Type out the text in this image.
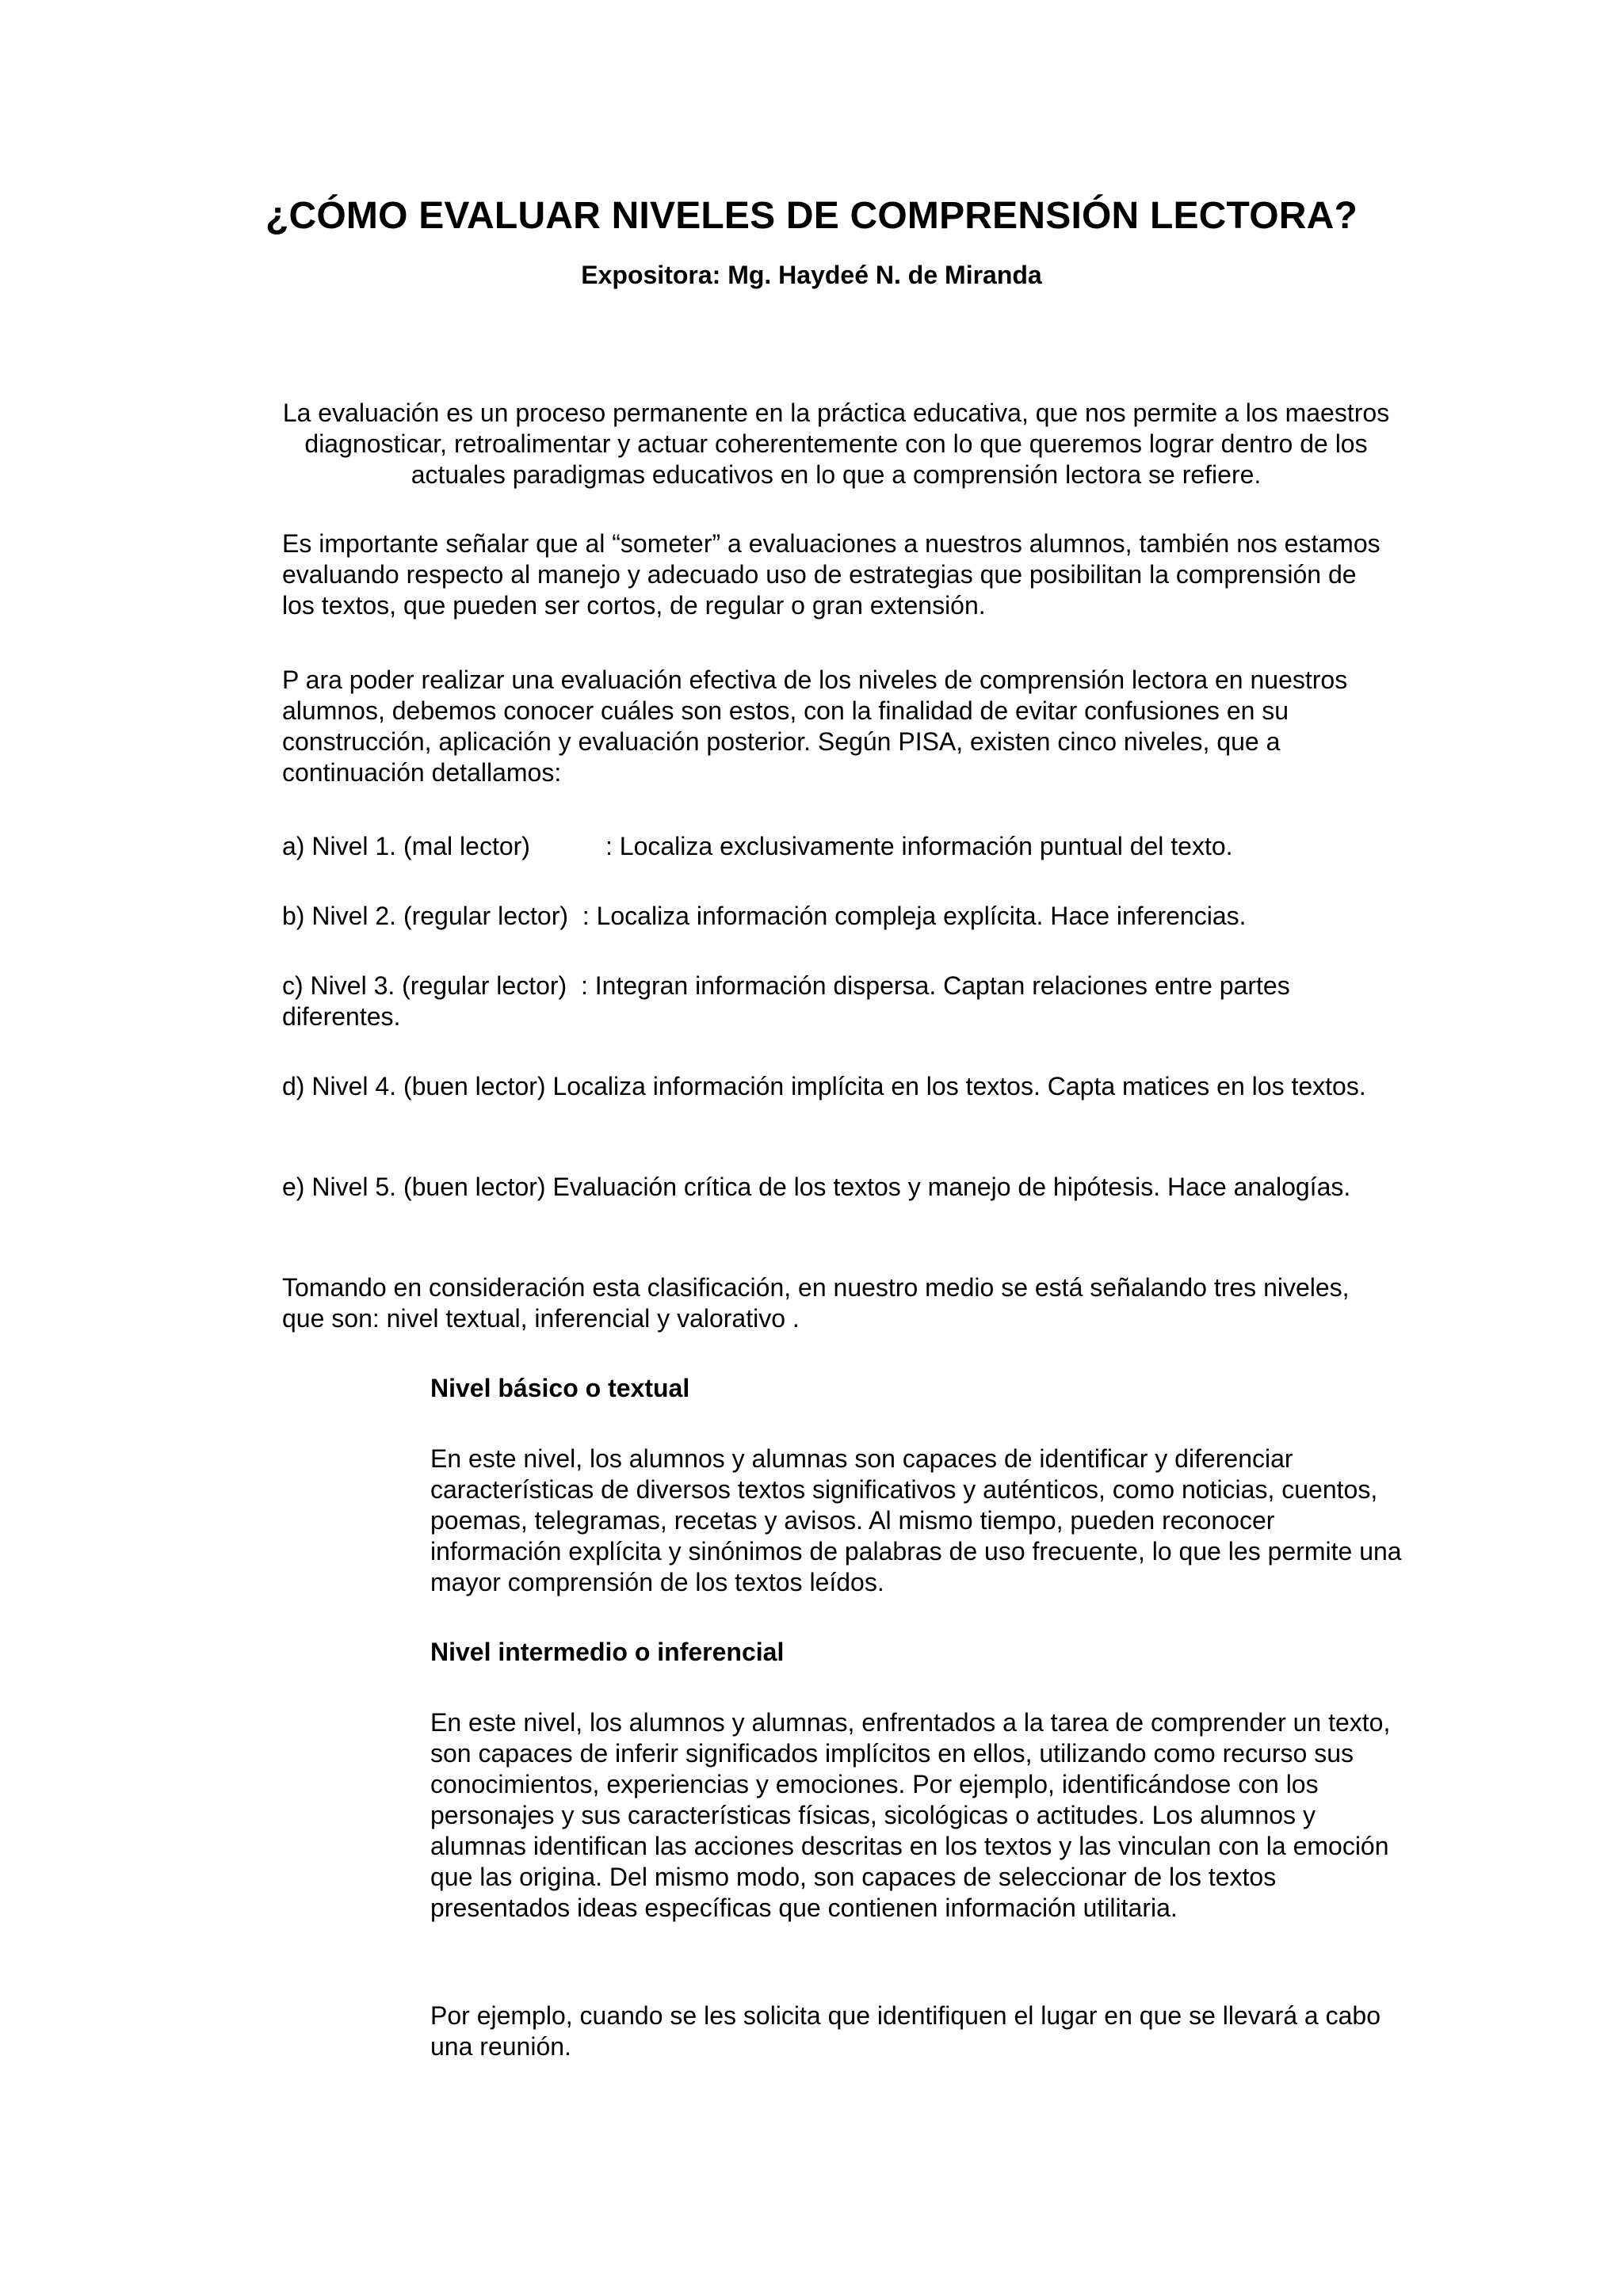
¿CÓMO EVALUAR NIVELES DE COMPRENSIÓN LECTORA?

Expositora: Mg. Haydeé N. de Miranda

La evaluación es un proceso permanente en la práctica educativa, que nos permite a los maestros diagnosticar, retroalimentar y actuar coherentemente con lo que queremos lograr dentro de los actuales paradigmas educativos en lo que a comprensión lectora se refiere.

Es importante señalar que al “someter” a evaluaciones a nuestros alumnos, también nos estamos evaluando respecto al manejo y adecuado uso de estrategias que posibilitan la comprensión de los textos, que pueden ser cortos, de regular o gran extensión.

P ara poder realizar una evaluación efectiva de los niveles de comprensión lectora en nuestros alumnos, debemos conocer cuáles son estos, con la finalidad de evitar confusiones en su construcción, aplicación y evaluación posterior. Según PISA, existen cinco niveles, que a continuación detallamos:

a) Nivel 1. (mal lector)	: Localiza exclusivamente información puntual del texto.
b) Nivel 2. (regular lector) : Localiza información compleja explícita. Hace inferencias.
c) Nivel 3. (regular lector) : Integran información dispersa. Captan relaciones entre partes diferentes.
d) Nivel 4. (buen lector) Localiza información implícita en los textos. Capta matices en los textos.
e) Nivel 5. (buen lector) Evaluación crítica de los textos y manejo de hipótesis. Hace analogías.

Tomando en consideración esta clasificación, en nuestro medio se está señalando tres niveles, que son: nivel textual, inferencial y valorativo .

Nivel básico o textual

En este nivel, los alumnos y alumnas son capaces de identificar y diferenciar características de diversos textos significativos y auténticos, como noticias, cuentos, poemas, telegramas, recetas y avisos. Al mismo tiempo, pueden reconocer información explícita y sinónimos de palabras de uso frecuente, lo que les permite una mayor comprensión de los textos leídos.

Nivel intermedio o inferencial

En este nivel, los alumnos y alumnas, enfrentados a la tarea de comprender un texto, son capaces de inferir significados implícitos en ellos, utilizando como recurso sus conocimientos, experiencias y emociones. Por ejemplo, identificándose con los personajes y sus características físicas, sicológicas o actitudes. Los alumnos y alumnas identifican las acciones descritas en los textos y las vinculan con la emoción que las origina. Del mismo modo, son capaces de seleccionar de los textos presentados ideas específicas que contienen información utilitaria.

Por ejemplo, cuando se les solicita que identifiquen el lugar en que se llevará a cabo una reunión.
